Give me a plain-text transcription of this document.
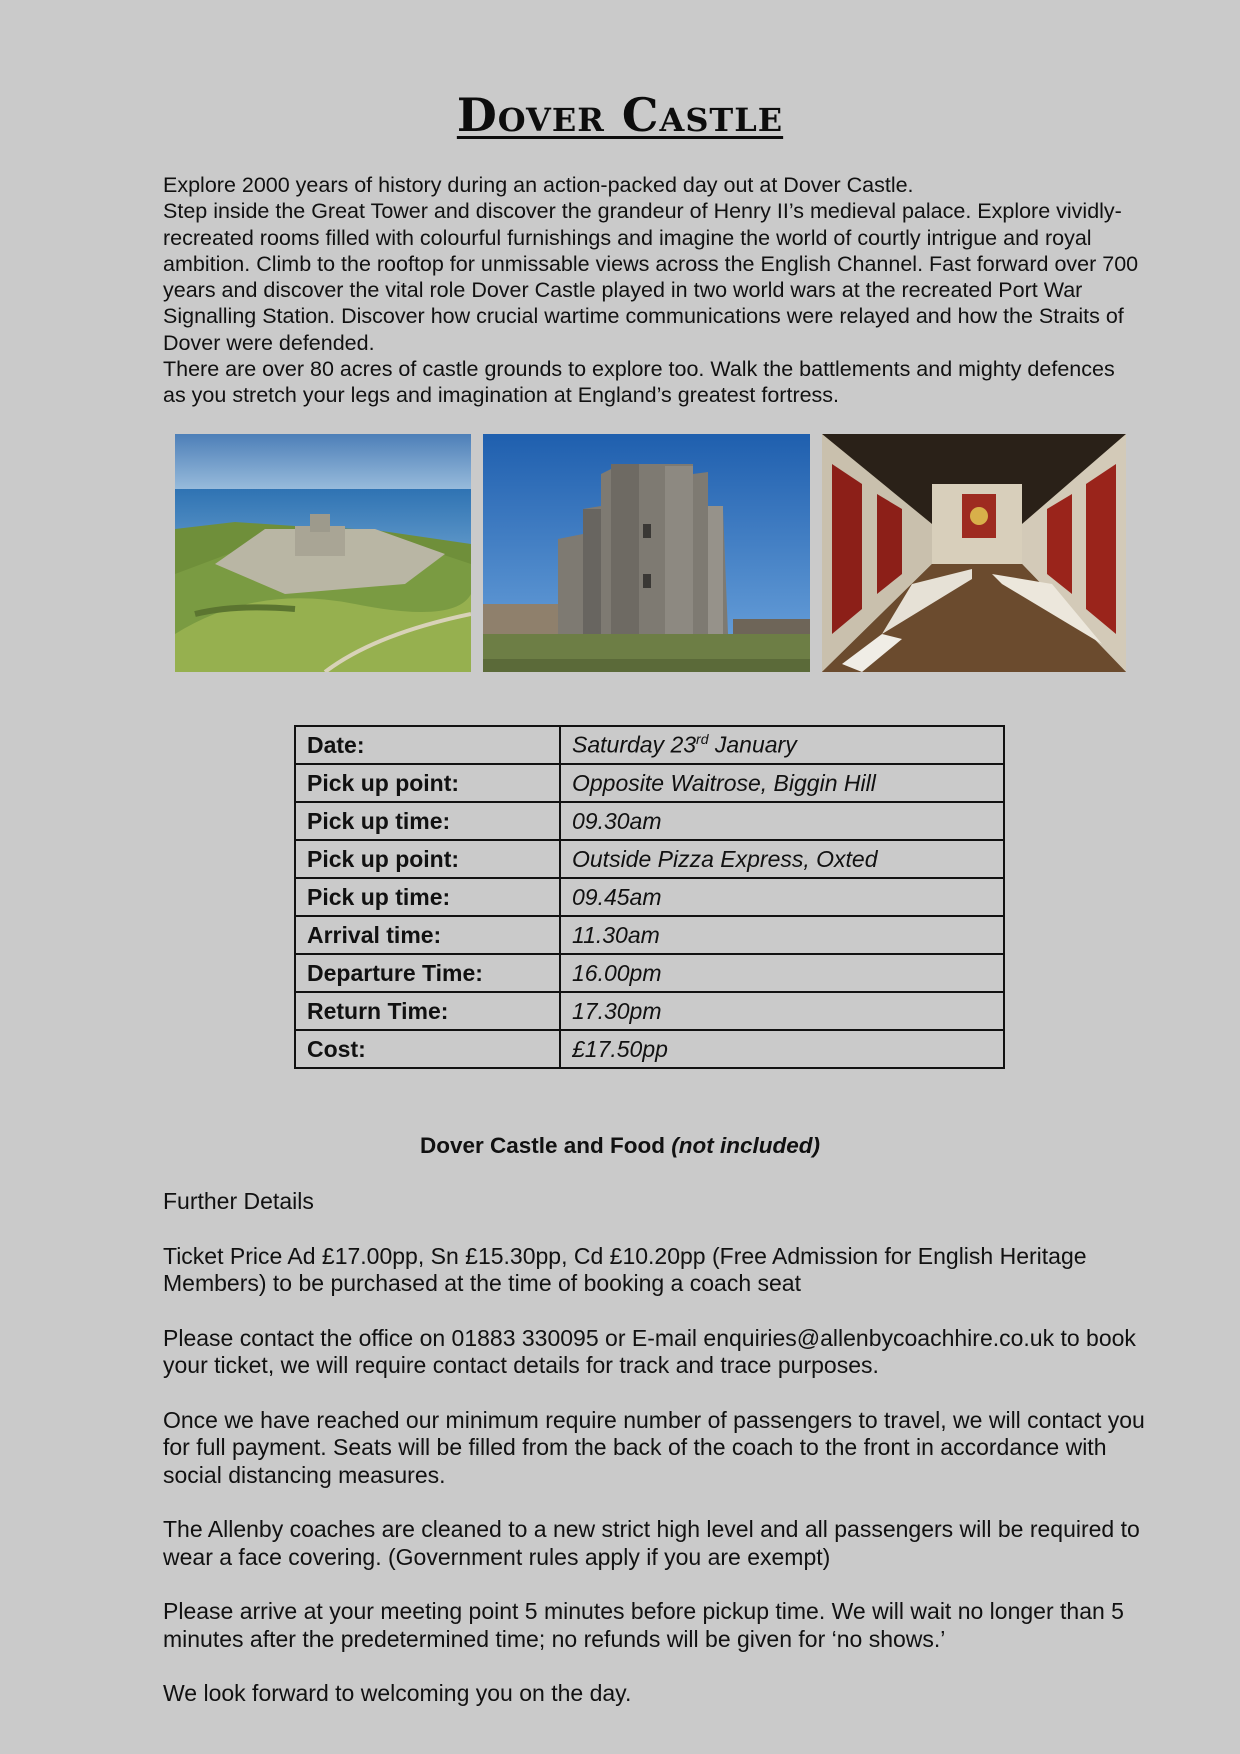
Dover Castle

Explore 2000 years of history during an action-packed day out at Dover Castle.

Step inside the Great Tower and discover the grandeur of Henry II’s medieval palace. Explore vividly-recreated rooms filled with colourful furnishings and imagine the world of courtly intrigue and royal ambition. Climb to the rooftop for unmissable views across the English Channel. Fast forward over 700 years and discover the vital role Dover Castle played in two world wars at the recreated Port War Signalling Station. Discover how crucial wartime communications were relayed and how the Straits of Dover were defended.

There are over 80 acres of castle grounds to explore too. Walk the battlements and mighty defences as you stretch your legs and imagination at England’s greatest fortress.

Date:	Saturday 23rd January
Pick up point:	Opposite Waitrose, Biggin Hill
Pick up time:	09.30am
Pick up point:	Outside Pizza Express, Oxted
Pick up time:	09.45am
Arrival time:	11.30am
Departure Time:	16.00pm
Return Time:	17.30pm
Cost:	£17.50pp
Dover Castle and Food (not included)

Further Details

Ticket Price Ad £17.00pp, Sn £15.30pp, Cd £10.20pp (Free Admission for English Heritage Members) to be purchased at the time of booking a coach seat

Please contact the office on 01883 330095 or E-mail enquiries@allenbycoachhire.co.uk to book your ticket, we will require contact details for track and trace purposes.

Once we have reached our minimum require number of passengers to travel, we will contact you for full payment. Seats will be filled from the back of the coach to the front in accordance with social distancing measures.

The Allenby coaches are cleaned to a new strict high level and all passengers will be required to wear a face covering. (Government rules apply if you are exempt)

Please arrive at your meeting point 5 minutes before pickup time. We will wait no longer than 5 minutes after the predetermined time; no refunds will be given for ‘no shows.’

We look forward to welcoming you on the day.
